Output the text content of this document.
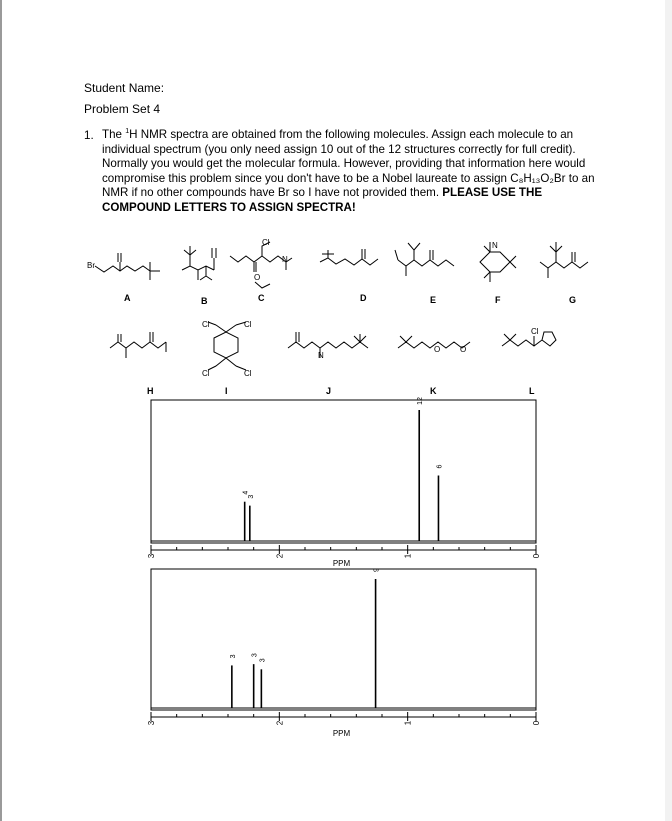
Student Name:
Problem Set 4
1. The $^1$H NMR spectra are obtained from the following molecules. Assign each molecule to an individual spectrum (you only need assign 10 out of the 12 structures correctly for full credit). Normally you would get the molecular formula. However, providing that information here would compromise this problem since you don't have to be a Nobel laureate to assign C₈H₁₃O₂Br to an NMR if no other compounds have Br so I have not provided them. PLEASE USE THE COMPOUND LETTERS TO ASSIGN SPECTRA!
Br
Cl
O
N
N
Cl	Cl
Cl	Cl
N
Cl
O O
A	B	C	D	E	F	G
H	I	J	K	L
3	2	1	0
PPM
4
3
12
6
3	2	1	0
PPM
3 3
3
9
